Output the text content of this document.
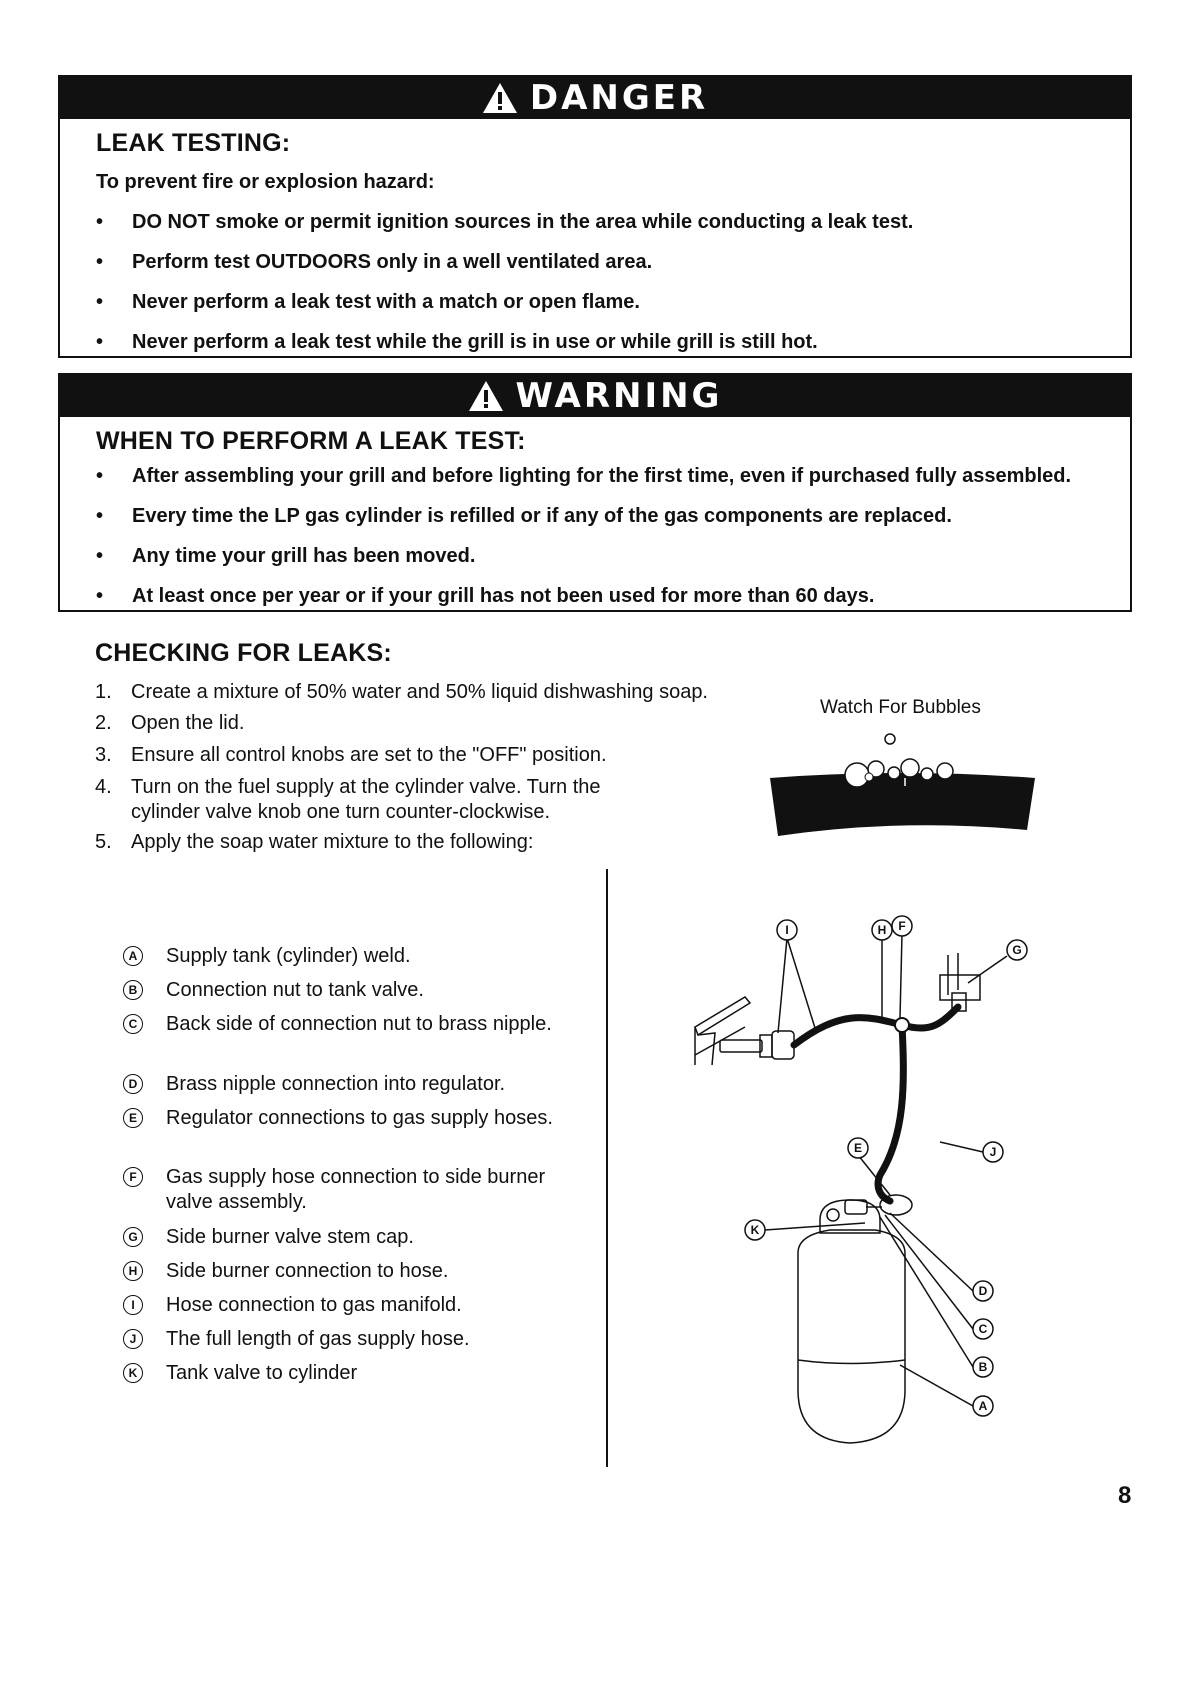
DANGER
LEAK TESTING:
To prevent fire or explosion hazard:
• DO NOT smoke or permit ignition sources in the area while conducting a leak test.
• Perform test OUTDOORS only in a well ventilated area.
• Never perform a leak test with a match or open flame.
• Never perform a leak test while the grill is in use or while grill is still hot.
WARNING
WHEN TO PERFORM A LEAK TEST:
• After assembling your grill and before lighting for the first time, even if purchased fully assembled.
• Every time the LP gas cylinder is refilled or if any of the gas components are replaced.
• Any time your grill has been moved.
• At least once per year or if your grill has not been used for more than 60 days.
CHECKING FOR LEAKS:
1. Create a mixture of 50% water and 50% liquid dishwashing soap.
2. Open the lid.
3. Ensure all control knobs are set to the "OFF" position.
4. Turn on the fuel supply at the cylinder valve. Turn the cylinder valve knob one turn counter-clockwise.
5. Apply the soap water mixture to the following:
Watch For Bubbles
A Supply tank (cylinder) weld.
B Connection nut to tank valve.
C Back side of connection nut to brass nipple.
D Brass nipple connection into regulator.
E	Regulator connections to gas supply hoses.
F	Gas supply hose connection to side burner valve assembly.
G Side burner valve stem cap.
H Side burner connection to hose.
I	Hose connection to gas manifold.
J	The full length of gas supply hose.
K Tank valve to cylinder
I	H F
G
J
E
K
D
C
B
A
8
